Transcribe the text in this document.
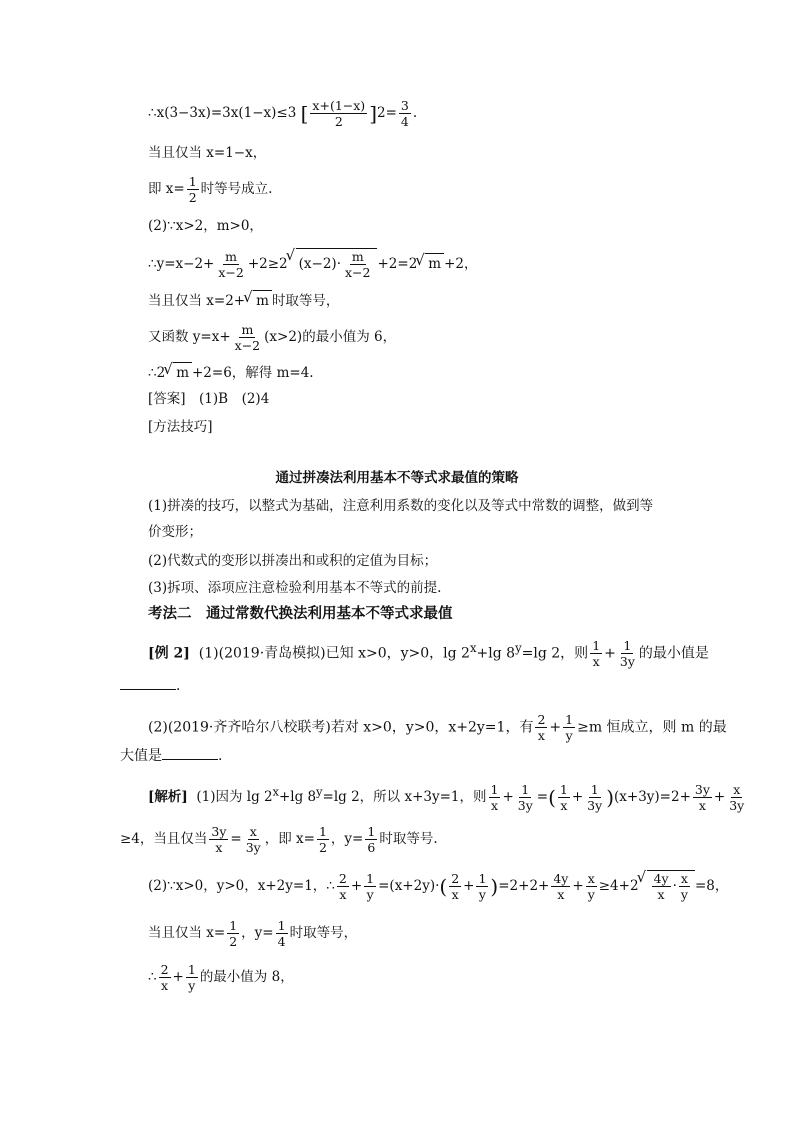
∴x(3−3x)=3x(1−x)≤3 [ $\frac{x+(1-x)}{2} ]2= \frac{3}{4}$ .
当且仅当 x=1−x，
即 $x= \frac{1}{2}$ 时等号成立.
(2)∵x>2，m>0，
∴y=x−2+ $\frac{m}{x-2} +2\ge 2√$ $(x-2)\cdot \frac{m}{x-2} +2=2√$ m +2，
当且仅当 x=2+√ m 时取等号，
又函数 $y=x+ \frac{m}{x-2} (x>2)$的最小值为 6，
∴2√ m +2=6，解得 m=4.
[答案]　(1)B　(2)4
[方法技巧]
通过拼凑法利用基本不等式求最值的策略
(1)拼凑的技巧，以整式为基础，注意利用系数的变化以及等式中常数的调整，做到等
价变形；
(2)代数式的变形以拼凑出和或积的定值为目标；
(3)拆项、添项应注意检验利用基本不等式的前提.
考法二　通过常数代换法利用基本不等式求最值
[例 2] (1)(2019·青岛模拟)已知 x>0，y>0，$\lg 2^x+\lg$ $8^y=\lg$ 2，则 $\frac{1}{x} + \frac{1}{3y}$ 的最小值是
.
(2)(2019·齐齐哈尔八校联考)若对 x>0，y>0，x+2y=1，有 $\frac{2}{x} + \frac{1}{y} \ge m$ 恒成立，则 m 的最
大值是	.
[解析] (1)因为 $\lg 2^x+\lg$ $8^y=\lg$ 2，所以 x+3y=1，则 $\frac{1}{x} + \frac{1}{3y}$ =( $\frac{1}{x} + \frac{1}{3y} )(x+3y)=2+ \frac{3y}{x} + \frac{x}{3y}$
≥4，当且仅当 $\frac{3y}{x} = \frac{x}{3y}$ ，即 $x= \frac{1}{2}$ ，$y= \frac{1}{6}$ 时取等号.
(2)∵x>0，y>0，x+2y=1，∴ $\frac{2}{x} + \frac{1}{y} =(x+2y)\cdot( \frac{2}{x} + \frac{1}{y} )=2+2+ \frac{4y}{x} + \frac{x}{y} \ge 4+2$
√ $\frac{4y}{x} \cdot \frac{x}{y} =8$，
当且仅当 $x= \frac{1}{2}$ ，$y= \frac{1}{4}$ 时取等号，
∴ $\frac{2}{x} + \frac{1}{y}$ 的最小值为 8，
